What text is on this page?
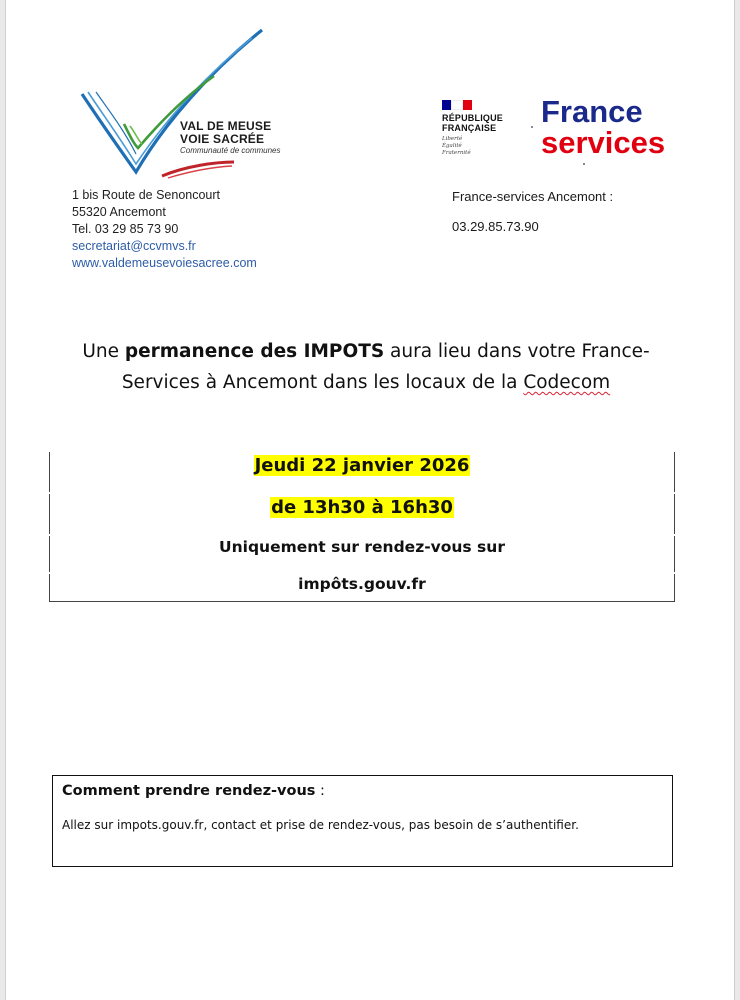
VAL DE MEUSE
VOIE SACRÉE
Communauté de communes
1 bis Route de Senoncourt
55320 Ancemont
Tel. 03 29 85 73 90
secretariat@ccvmvs.fr
www.valdemeusevoiesacree.com
RÉPUBLIQUE
FRANÇAISE
Liberté
Égalité
Fraternité
France
services
France-services Ancemont :
03.29.85.73.90
Une permanence des IMPOTS aura lieu dans votre France-
Services à Ancemont dans les locaux de la Codecom
Jeudi 22 janvier 2026
de 13h30 à 16h30
Uniquement sur rendez-vous sur
impôts.gouv.fr
Comment prendre rendez-vous :
Allez sur impots.gouv.fr, contact et prise de rendez-vous, pas besoin de s’authentifier.
